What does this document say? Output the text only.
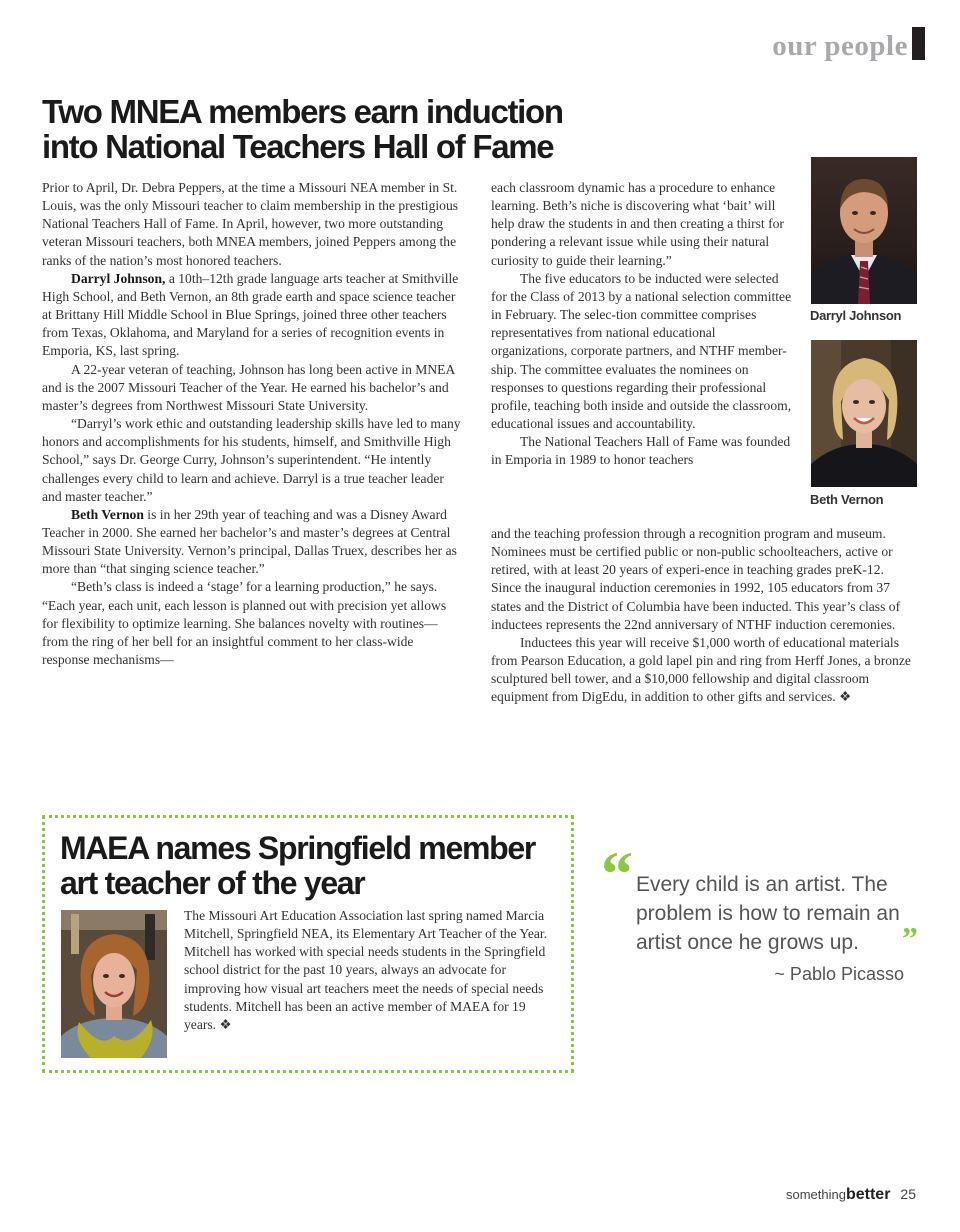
our people
Two MNEA members earn induction
into National Teachers Hall of Fame

Prior to April, Dr. Debra Peppers, at the time a Missouri NEA member in St. Louis, was the only Missouri teacher to claim membership in the prestigious National Teachers Hall of Fame. In April, however, two more outstanding veteran Missouri teachers, both MNEA members, joined Peppers among the ranks of the nation’s most honored teachers.

Darryl Johnson, a 10th–12th grade language arts teacher at Smithville High School, and Beth Vernon, an 8th grade earth and space science teacher at Brittany Hill Middle School in Blue Springs, joined three other teachers from Texas, Oklahoma, and Maryland for a series of recognition events in Emporia, KS, last spring.

A 22-year veteran of teaching, Johnson has long been active in MNEA and is the 2007 Missouri Teacher of the Year. He earned his bachelor’s and master’s degrees from Northwest Missouri State University.

“Darryl’s work ethic and outstanding leadership skills have led to many honors and accomplishments for his students, himself, and Smithville High School,” says Dr. George Curry, Johnson’s superintendent. “He intently challenges every child to learn and achieve. Darryl is a true teacher leader and master teacher.”

Beth Vernon is in her 29th year of teaching and was a Disney Award Teacher in 2000. She earned her bachelor’s and master’s degrees at Central Missouri State University. Vernon’s principal, Dallas Truex, describes her as more than “that singing science teacher.”

“Beth’s class is indeed a ‘stage’ for a learning production,” he says. “Each year, each unit, each lesson is planned out with precision yet allows for flexibility to optimize learning. She balances novelty with routines—from the ring of her bell for an insightful comment to her class-wide response mechanisms—

each classroom dynamic has a procedure to enhance learning. Beth’s niche is discovering what ‘bait’ will help draw the students in and then creating a thirst for pondering a relevant issue while using their natural curiosity to guide their learning.”

The five educators to be inducted were selected for the Class of 2013 by a national selection committee in February. The selec-tion committee comprises representatives from national educational organizations, corporate partners, and NTHF member-ship. The committee evaluates the nominees on responses to questions regarding their professional profile, teaching both inside and outside the classroom, educational issues and accountability.

The National Teachers Hall of Fame was founded in Emporia in 1989 to honor teachers

and the teaching profession through a recognition program and museum. Nominees must be certified public or non-public schoolteachers, active or retired, with at least 20 years of experi-ence in teaching grades preK-12. Since the inaugural induction ceremonies in 1992, 105 educators from 37 states and the District of Columbia have been inducted. This year’s class of inductees represents the 22nd anniversary of NTHF induction ceremonies.

Inductees this year will receive $1,000 worth of educational materials from Pearson Education, a gold lapel pin and ring from Herff Jones, a bronze sculptured bell tower, and a $10,000 fellowship and digital classroom equipment from DigEdu, in addition to other gifts and services. ❖

Darryl Johnson
Beth Vernon
MAEA names Springfield member
art teacher of the year

The Missouri Art Education Association last spring named Marcia Mitchell, Springfield NEA, its Elementary Art Teacher of the Year. Mitchell has worked with special needs students in the Springfield school district for the past 10 years, always an advocate for improving how visual art teachers meet the needs of special needs students. Mitchell has been an active member of MAEA for 19 years. ❖

“ Every child is an artist. The problem is how to remain an artist once he grows up.	”
~ Pablo Picasso
somethingbetter 25
